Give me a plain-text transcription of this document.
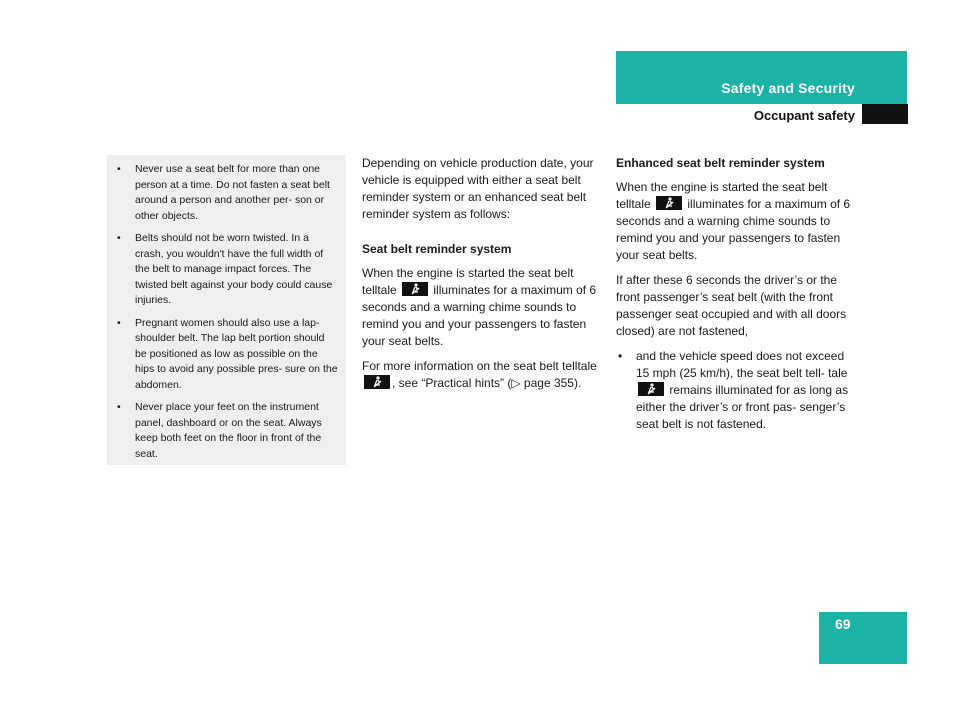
Safety and Security
Occupant safety
• Never use a seat belt for more than one person at a time. Do not fasten a seat belt around a person and another per- son or other objects.
• Belts should not be worn twisted. In a crash, you wouldn't have the full width of the belt to manage impact forces. The twisted belt against your body could cause injuries.
• Pregnant women should also use a lap-shoulder belt. The lap belt portion should be positioned as low as possible on the hips to avoid any possible pres- sure on the abdomen.
• Never place your feet on the instrument panel, dashboard or on the seat. Always keep both feet on the floor in front of the seat.

Depending on vehicle production date, your vehicle is equipped with either a seat belt reminder system or an enhanced seat belt reminder system as follows:

Seat belt reminder system

When the engine is started the seat belt telltale	illuminates for a maximum of 6 seconds and a warning chime sounds to remind you and your passengers to fasten your seat belts.

For more information on the seat belt telltale
, see “Practical hints” (▷ page 355).

Enhanced seat belt reminder system

When the engine is started the seat belt telltale	illuminates for a maximum of 6 seconds and a warning chime sounds to remind you and your passengers to fasten your seat belts.

If after these 6 seconds the driver’s or the front passenger’s seat belt (with the front passenger seat occupied and with all doors closed) are not fastened,

• and the vehicle speed does not exceed 15 mph (25 km/h), the seat belt tell- tale
remains illuminated for as long as either the driver’s or front pas- senger’s seat belt is not fastened.
69
